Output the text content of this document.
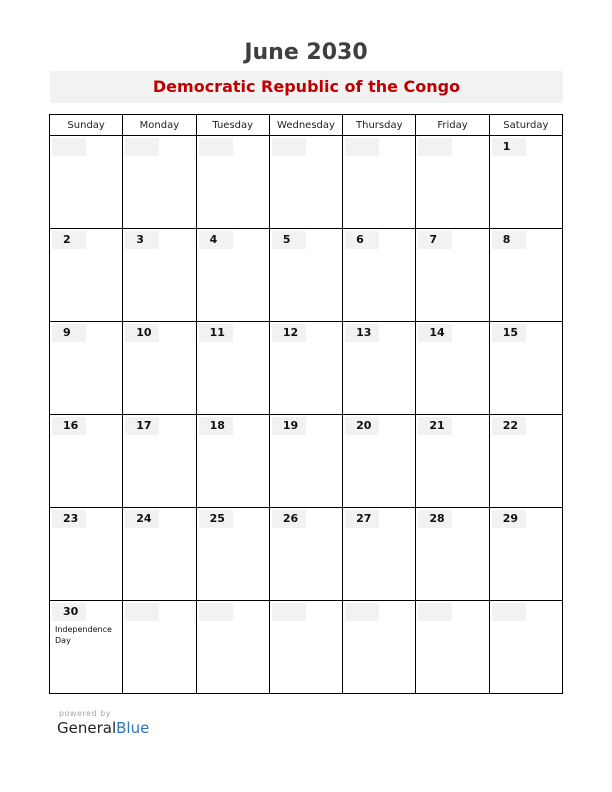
June 2030
Democratic Republic of the Congo
Sunday	Monday	Tuesday	Wednesday	Thursday	Friday	Saturday

						1

2	3	4	5	6	7	8

9	10	11	12	13	14	15

16	17	18	19	20	21	22

23	24	25	26	27	28	29

30
Independence Day						

powered by
GeneralBlue
